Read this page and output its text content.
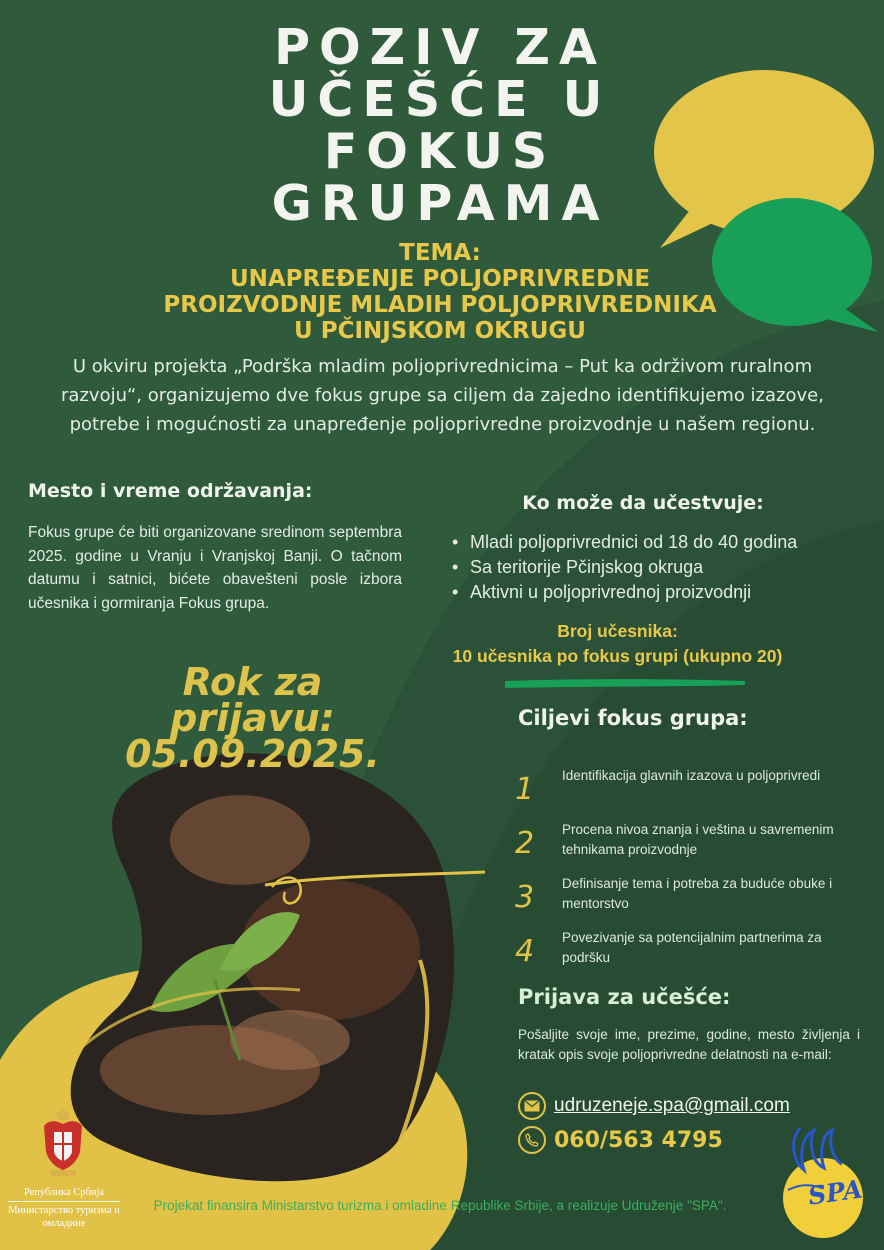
POZIV ZA
UČEŠĆE U
FOKUS
GRUPAMA
TEMA:
UNAPREĐENJE POLJOPRIVREDNE
PROIZVODNJE MLADIH POLJOPRIVREDNIKA
U PČINJSKOM OKRUGU

U okviru projekta „Podrška mladim poljoprivrednicima – Put ka održivom ruralnom razvoju“, organizujemo dve fokus grupe sa ciljem da zajedno identifikujemo izazove, potrebe i mogućnosti za unapređenje poljoprivredne proizvodnje u našem regionu.

Mesto i vreme održavanja:

Fokus grupe će biti organizovane sredinom septembra 2025. godine u Vranju i Vranjskoj Banji. O tačnom datumu i satnici, bićete obavešteni posle izbora učesnika i gormiranja Fokus grupa.

Ko može da učestvuje:
• Mladi poljoprivrednici od 18 do 40 godina
• Sa teritorije Pčinjskog okruga
• Aktivni u poljoprivrednoj proizvodnji
Broj učesnika:
10 učesnika po fokus grupi (ukupno 20)
Rok za
prijavu:
05.09.2025.
Ciljevi fokus grupa:
1	Identifikacija glavnih izazova u poljoprivredi
2	Procena nivoa znanja i veština u savremenim tehnikama proizvodnje
3	Definisanje tema i potreba za buduće obuke i mentorstvo
4	Povezivanje sa potencijalnim partnerima za podršku
Prijava za učešće:

Pošaljite svoje ime, prezime, godine, mesto življenja i kratak opis svoje poljoprivredne delatnosti na e-mail:

udruzeneje.spa@gmail.com
060/563 4795
Република Србија
Министарство туризма и омладине

Projekat finansira Ministarstvo turizma i omladine Republike Srbije, a realizuje Udruženje "SPA".	SPA
